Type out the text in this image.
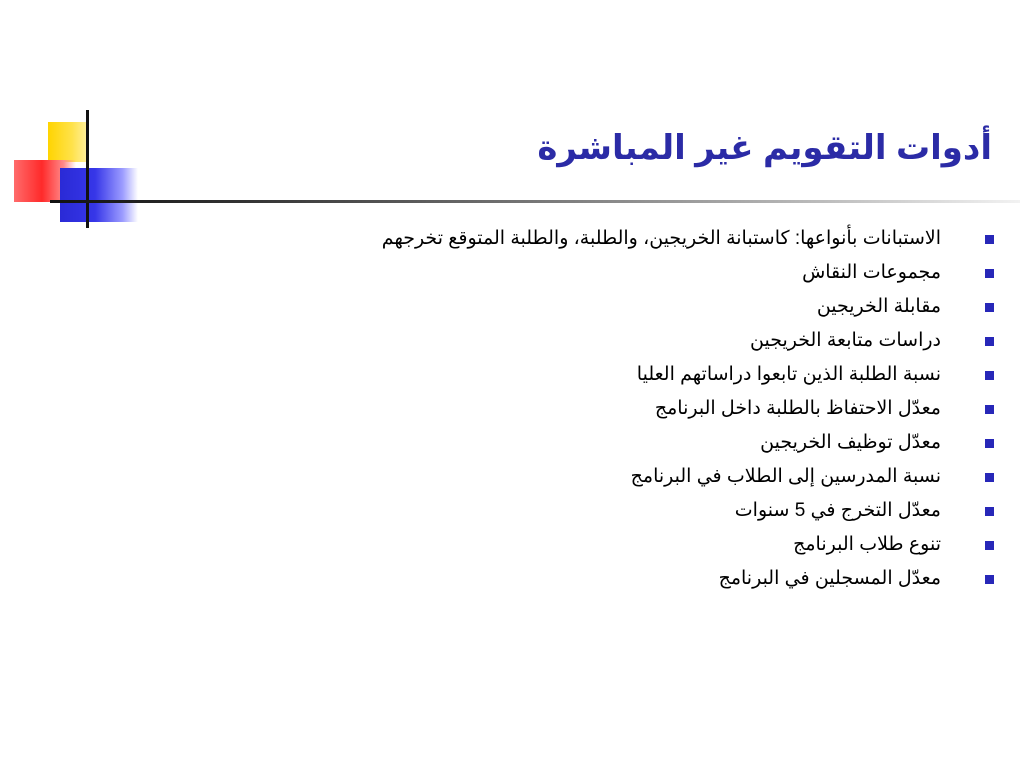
أدوات التقويم غير المباشرة
الاستبانات بأنواعها: كاستبانة الخريجين، والطلبة، والطلبة المتوقع تخرجهم
مجموعات النقاش
مقابلة الخريجين
دراسات متابعة الخريجين
نسبة الطلبة الذين تابعوا دراساتهم العليا
معدّل الاحتفاظ بالطلبة داخل البرنامج
معدّل توظيف الخريجين
نسبة المدرسين إلى الطلاب في البرنامج
معدّل التخرج في 5 سنوات
تنوع طلاب البرنامج
معدّل المسجلين في البرنامج
